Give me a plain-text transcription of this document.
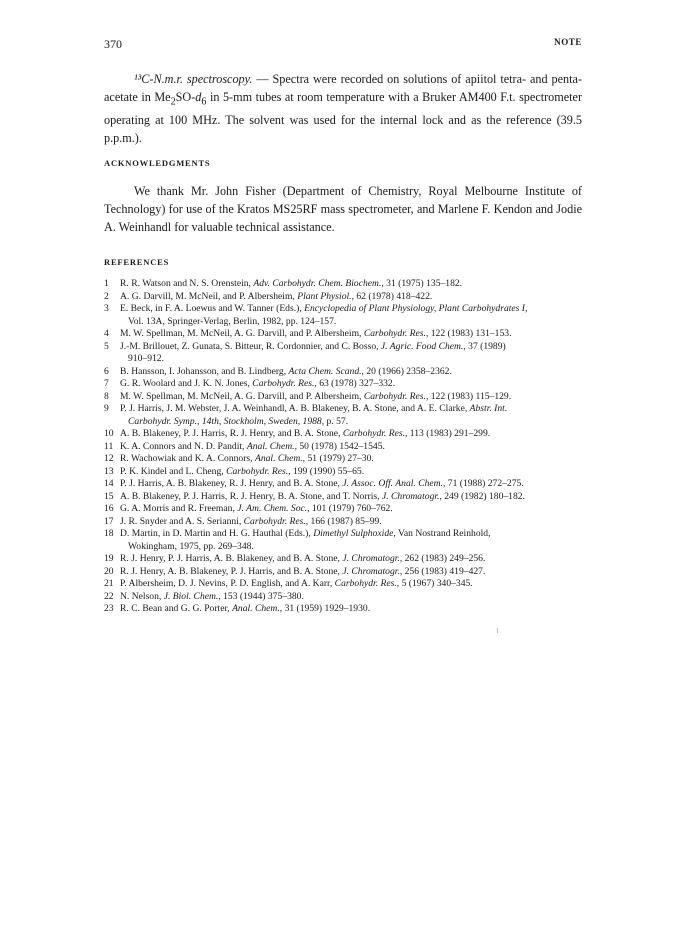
370	NOTE

¹³C-N.m.r. spectroscopy. — Spectra were recorded on solutions of apiitol tetra- and penta-acetate in $Me_2SO-d_6$ in 5-mm tubes at room temperature with a Bruker AM400 F.t. spectrometer operating at 100 MHz. The solvent was used for the internal lock and as the reference (39.5 p.p.m.).

ACKNOWLEDGMENTS

We thank Mr. John Fisher (Department of Chemistry, Royal Melbourne Institute of Technology) for use of the Kratos MS25RF mass spectrometer, and Marlene F. Kendon and Jodie A. Weinhandl for valuable technical assistance.

REFERENCES
1	R. R. Watson and N. S. Orenstein, Adv. Carbohydr. Chem. Biochem., 31 (1975) 135–182.
2	A. G. Darvill, M. McNeil, and P. Albersheim, Plant Physiol., 62 (1978) 418–422.
3	E. Beck, in F. A. Loewus and W. Tanner (Eds.), Encyclopedia of Plant Physiology, Plant Carbohydrates I,
Vol. 13A, Springer-Verlag, Berlin, 1982, pp. 124–157.
4	M. W. Spellman, M. McNeil, A. G. Darvill, and P. Albersheim, Carbohydr. Res., 122 (1983) 131–153.
5	J.-M. Brillouet, Z. Gunata, S. Bitteur, R. Cordonnier, and C. Bosso, J. Agric. Food Chem., 37 (1989)
910–912.
6	B. Hansson, I. Johansson, and B. Lindberg, Acta Chem. Scand., 20 (1966) 2358–2362.
7	G. R. Woolard and J. K. N. Jones, Carbohydr. Res., 63 (1978) 327–332.
8	M. W. Spellman, M. McNeil, A. G. Darvill, and P. Albersheim, Carbohydr. Res., 122 (1983) 115–129.
9	P. J. Harris, J. M. Webster, J. A. Weinhandl, A. B. Blakeney, B. A. Stone, and A. E. Clarke, Abstr. Int.
Carbohydr. Symp., 14th, Stockholm, Sweden, 1988, p. 57.
10 A. B. Blakeney, P. J. Harris, R. J. Henry, and B. A. Stone, Carbohydr. Res., 113 (1983) 291–299.
11 K. A. Connors and N. D. Pandit, Anal. Chem., 50 (1978) 1542–1545.
12 R. Wachowiak and K. A. Connors, Anal. Chem., 51 (1979) 27–30.
13 P. K. Kindel and L. Cheng, Carbohydr. Res., 199 (1990) 55–65.
14 P. J. Harris, A. B. Blakeney, R. J. Henry, and B. A. Stone, J. Assoc. Off. Anal. Chem., 71 (1988) 272–275.
15 A. B. Blakeney, P. J. Harris, R. J. Henry, B. A. Stone, and T. Norris, J. Chromatogr., 249 (1982) 180–182.
16 G. A. Morris and R. Freeman, J. Am. Chem. Soc., 101 (1979) 760–762.
17 J. R. Snyder and A. S. Serianni, Carbohydr. Res., 166 (1987) 85–99.
18 D. Martin, in D. Martin and H. G. Hauthal (Eds.), Dimethyl Sulphoxide, Van Nostrand Reinhold,
Wokingham, 1975, pp. 269–348.
19 R. J. Henry, P. J. Harris, A. B. Blakeney, and B. A. Stone, J. Chromatogr., 262 (1983) 249–256.
20 R. J. Henry, A. B. Blakeney, P. J. Harris, and B. A. Stone, J. Chromatogr., 256 (1983) 419–427.
21 P. Albersheim, D. J. Nevins, P. D. English, and A. Karr, Carbohydr. Res., 5 (1967) 340–345.
22 N. Nelson, J. Biol. Chem., 153 (1944) 375–380.
23 R. C. Bean and G. G. Porter, Anal. Chem., 31 (1959) 1929–1930.
